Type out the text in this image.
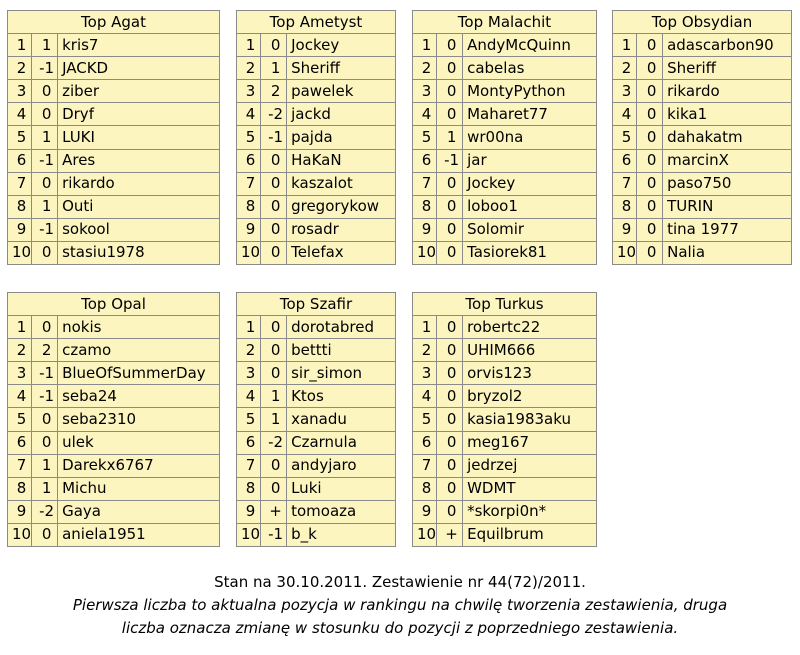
Top Agat		
1	1	kris7
2	-1	JACKD
3	0	ziber
4	0	Dryf
5	1	LUKI
6	-1	Ares
7	0	rikardo
8	1	Outi
9	-1	sokool
10	0	stasiu1978
Top Ametyst		
1	0	Jockey
2	1	Sheriff
3	2	pawelek
4	-2	jackd
5	-1	pajda
6	0	HaKaN
7	0	kaszalot
8	0	gregorykow
9	0	rosadr
10	0	Telefax
Top Malachit		
1	0	AndyMcQuinn
2	0	cabelas
3	0	MontyPython
4	0	Maharet77
5	1	wr00na
6	-1	jar
7	0	Jockey
8	0	loboo1
9	0	Solomir
10	0	Tasiorek81
Top Obsydian		
1	0	adascarbon90
2	0	Sheriff
3	0	rikardo
4	0	kika1
5	0	dahakatm
6	0	marcinX
7	0	paso750
8	0	TURIN
9	0	tina 1977
10	0	Nalia
Top Opal		
1	0	nokis
2	2	czamo
3	-1	BlueOfSummerDay
4	-1	seba24
5	0	seba2310
6	0	ulek
7	1	Darekx6767
8	1	Michu
9	-2	Gaya
10	0	aniela1951
Top Szafir		
1	0	dorotabred
2	0	bettti
3	0	sir_simon
4	1	Ktos
5	1	xanadu
6	-2	Czarnula
7	0	andyjaro
8	0	Luki
9	+	tomoaza
10	-1	b_k
Top Turkus		
1	0	robertc22
2	0	UHIM666
3	0	orvis123
4	0	bryzol2
5	0	kasia1983aku
6	0	meg167
7	0	jedrzej
8	0	WDMT
9	0	*skorpi0n*
10	+	Equilbrum
Stan na 30.10.2011. Zestawienie nr 44(72)/2011.
Pierwsza liczba to aktualna pozycja w rankingu na chwilę tworzenia zestawienia, druga
liczba oznacza zmianę w stosunku do pozycji z poprzedniego zestawienia.
